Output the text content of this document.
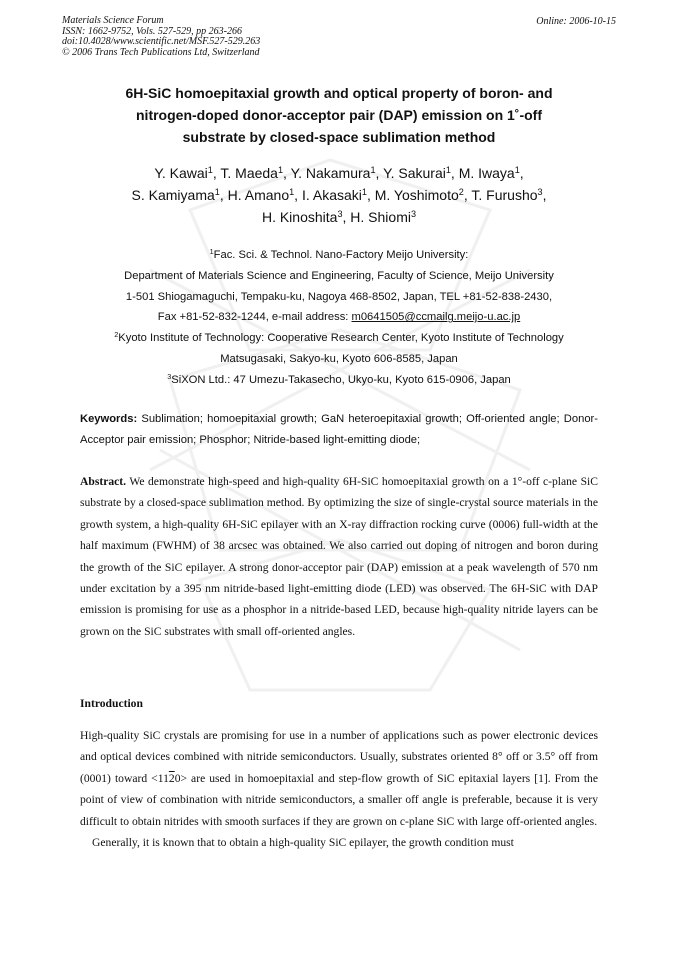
Materials Science Forum
ISSN: 1662-9752, Vols. 527-529, pp 263-266
doi:10.4028/www.scientific.net/MSF.527-529.263
© 2006 Trans Tech Publications Ltd, Switzerland
Online: 2006-10-15
6H-SiC homoepitaxial growth and optical property of boron- and
nitrogen-doped donor-acceptor pair (DAP) emission on 1˚-off
substrate by closed-space sublimation method
Y. Kawai$^1$, T. Maeda$^1$, Y. Nakamura$^1$, Y. Sakurai$^1$, M. Iwaya$^1$,
S. Kamiyama$^1$, H. Amano$^1$, I. Akasaki$^1$, M. Yoshimoto$^2$, T. Furusho$^3$,
H. Kinoshita$^3$, H. Shiomi$^3$
$^1$Fac. Sci. & Technol. Nano-Factory Meijo University:
Department of Materials Science and Engineering, Faculty of Science, Meijo University
1-501 Shiogamaguchi, Tempaku-ku, Nagoya 468-8502, Japan, TEL +81-52-838-2430,
Fax +81-52-832-1244, e-mail address: m0641505@ccmailg.meijo-u.ac.jp
$^2$Kyoto Institute of Technology: Cooperative Research Center, Kyoto Institute of Technology
Matsugasaki, Sakyo-ku, Kyoto 606-8585, Japan
$^3$SiXON Ltd.: 47 Umezu-Takasecho, Ukyo-ku, Kyoto 615-0906, Japan
Keywords: Sublimation; homoepitaxial growth; GaN heteroepitaxial growth; Off-oriented angle; Donor-Acceptor pair emission; Phosphor; Nitride-based light-emitting diode;
Abstract. We demonstrate high-speed and high-quality 6H-SiC homoepitaxial growth on a 1°-off c-plane SiC substrate by a closed-space sublimation method. By optimizing the size of single-crystal source materials in the growth system, a high-quality 6H-SiC epilayer with an X-ray diffraction rocking curve (0006) full-width at the half maximum (FWHM) of 38 arcsec was obtained. We also carried out doping of nitrogen and boron during the growth of the SiC epilayer. A strong donor-acceptor pair (DAP) emission at a peak wavelength of 570 nm under excitation by a 395 nm nitride-based light-emitting diode (LED) was observed. The 6H-SiC with DAP emission is promising for use as a phosphor in a nitride-based LED, because high-quality nitride layers can be grown on the SiC substrates with small off-oriented angles.
Introduction

High-quality SiC crystals are promising for use in a number of applications such as power electronic devices and optical devices combined with nitride semiconductors. Usually, substrates oriented 8° off or 3.5° off from (0001) toward <1120> are used in homoepitaxial and step-flow growth of SiC epitaxial layers [1]. From the point of view of combination with nitride semiconductors, a smaller off angle is preferable, because it is very difficult to obtain nitrides with smooth surfaces if they are grown on c-plane SiC with large off-oriented angles.

Generally, it is known that to obtain a high-quality SiC epilayer, the growth condition must
